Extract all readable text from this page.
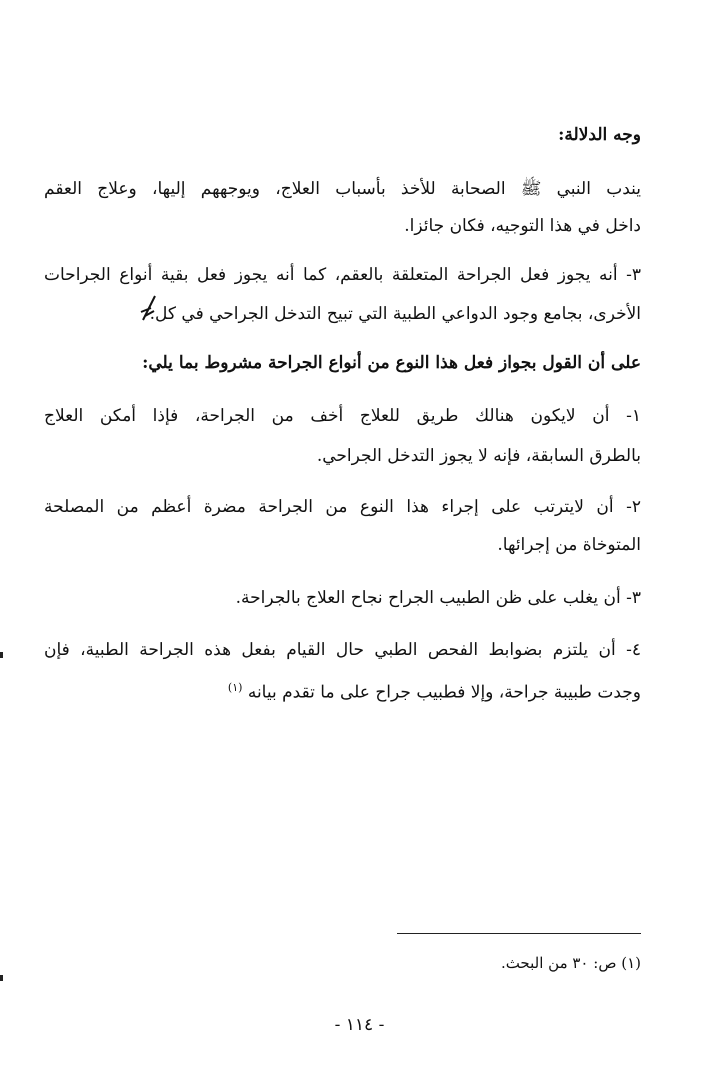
وجه الدلالة:
يندب النبي ﷺ الصحابة للأخذ بأسباب العلاج، ويوجههم إليها، وعلاج العقم
داخل في هذا التوجيه، فكان جائزا.
٣- أنه يجوز فعل الجراحة المتعلقة بالعقم، كما أنه يجوز فعل بقية أنواع الجراحات
الأخرى، بجامع وجود الدواعي الطبية التي تبيح التدخل الجراحي في كل.
على أن القول بجواز فعل هذا النوع من أنواع الجراحة مشروط بما يلي:
١- أن لايكون هنالك طريق للعلاج أخف من الجراحة، فإذا أمكن العلاج
بالطرق السابقة، فإنه لا يجوز التدخل الجراحي.
٢- أن لايترتب على إجراء هذا النوع من الجراحة مضرة أعظم من المصلحة
المتوخاة من إجرائها.
٣- أن يغلب على ظن الطبيب الجراح نجاح العلاج بالجراحة.
٤- أن يلتزم بضوابط الفحص الطبي حال القيام بفعل هذه الجراحة الطبية، فإن
وجدت طبيبة جراحة، وإلا فطبيب جراح على ما تقدم بيانه $^{(١)}$
(١) ص: ٣٠ من البحث.
- ١١٤ -
